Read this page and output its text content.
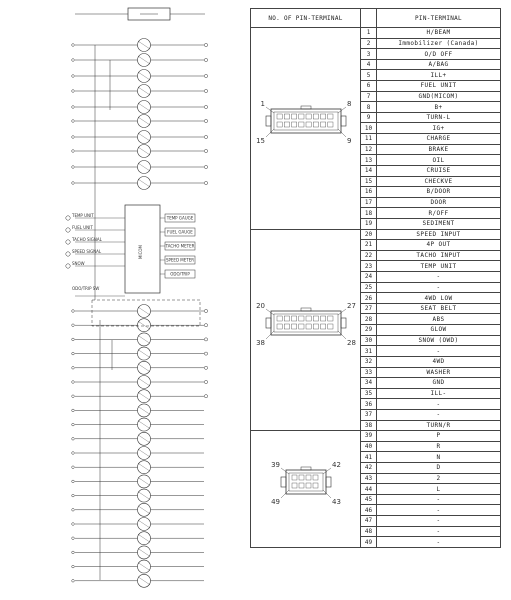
MICOM
TEMP GAUGE
FUEL GAUGE
TACHO METER
SPEED METER
ODO/TRIP
TEMP UNIT
FUEL UNIT
TACHO SIGNAL
SPEED SIGNAL
SNOW
ODO/TRIP SW
NO. OF PIN-TERMINAL		PIN-TERMINAL

1 8
15 9	1	H/BEAM
	2	Immobilizer (Canada)
	3	O/D OFF
	4	A/BAG
	5	ILL+
	6	FUEL UNIT
	7	GND(MICOM)
	8	B+
	9	TURN-L
	10	IG+
	11	CHARGE
	12	BRAKE
	13	OIL
	14	CRUISE
	15	CHECKVE
	16	B/DOOR
	17	DOOR
	18	R/OFF
	19	SEDIMENT

20 27
38 28	20	SPEED INPUT
	21	4P OUT
	22	TACHO INPUT
	23	TEMP UNIT
	24	-
	25	-
	26	4WD LOW
	27	SEAT BELT
	28	ABS
	29	GLOW
	30	SNOW (OWD)
	31	-
	32	4WD
	33	WASHER
	34	GND
	35	ILL-
	36	-
	37	-
	38	TURN/R

39 42
49 43	39	P
	40	R
	41	N
	42	D
	43	2
	44	L
	45	-
	46	-
	47	-
	48	-
	49	-
